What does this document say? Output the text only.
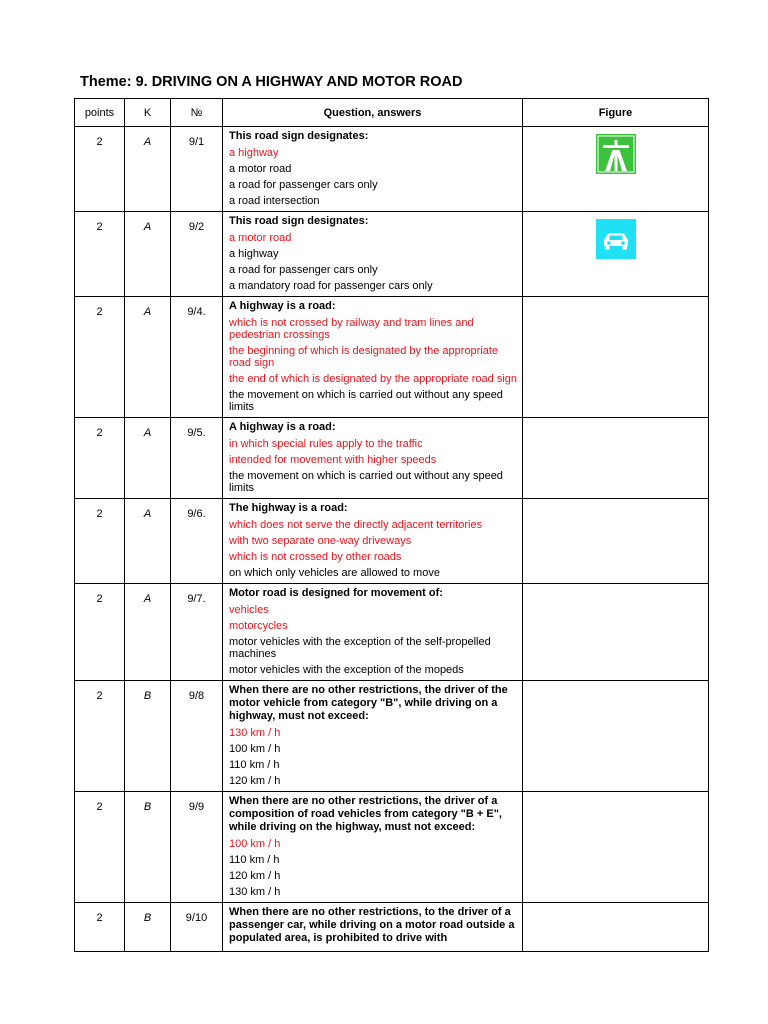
Theme: 9. DRIVING ON A HIGHWAY AND MOTOR ROAD
points	K	№	Question, answers	Figure
2	A	9/1	This road sign designates:
a highway
a motor road
a road for passenger cars only
a road intersection

2	A	9/2	This road sign designates:
a motor road
a highway
a road for passenger cars only
a mandatory road for passenger cars only

2	A	9/4.	A highway is a road:
which is not crossed by railway and tram lines and pedestrian crossings
the beginning of which is designated by the appropriate road sign
the end of which is designated by the appropriate road sign
the movement on which is carried out without any speed limits	

2	A	9/5.	A highway is a road:
in which special rules apply to the traffic
intended for movement with higher speeds
the movement on which is carried out without any speed limits	

2	A	9/6.	The highway is a road:
which does not serve the directly adjacent territories
with two separate one-way driveways
which is not crossed by other roads
on which only vehicles are allowed to move	

2	A	9/7.	Motor road is designed for movement of:
vehicles
motorcycles
motor vehicles with the exception of the self-propelled machines
motor vehicles with the exception of the mopeds	

2	B	9/8	When there are no other restrictions, the driver of the motor vehicle from category "B", while driving on a highway, must not exceed:
130 km / h
100 km / h
110 km / h
120 km / h	

2	B	9/9	When there are no other restrictions, the driver of a composition of road vehicles from category "B + E", while driving on the highway, must not exceed:
100 km / h
110 km / h
120 km / h
130 km / h	

2	B	9/10	When there are no other restrictions, to the driver of a passenger car, while driving on a motor road outside a populated area, is prohibited to drive with	
